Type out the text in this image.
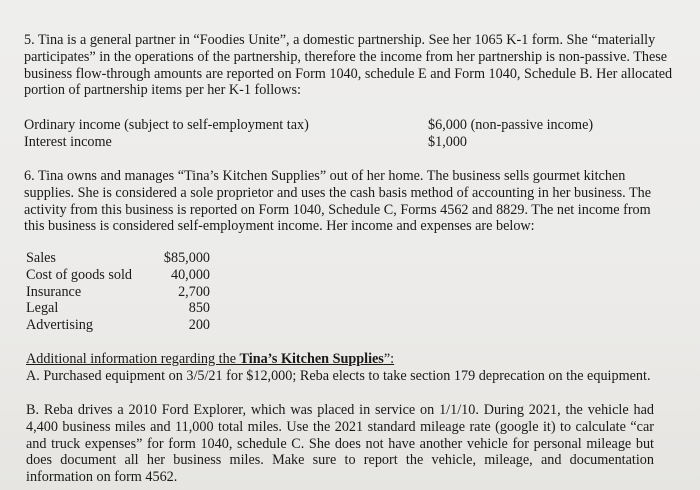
5. Tina is a general partner in “Foodies Unite”, a domestic partnership. See her 1065 K-1 form. She “materially participates” in the operations of the partnership, therefore the income from her partnership is non-passive. These business flow-through amounts are reported on Form 1040, schedule E and Form 1040, Schedule B. Her allocated portion of partnership items per her K-1 follows:

Ordinary income (subject to self-employment tax)	$6,000 (non-passive income)
Interest income	$1,000

6. Tina owns and manages “Tina’s Kitchen Supplies” out of her home. The business sells gourmet kitchen supplies. She is considered a sole proprietor and uses the cash basis method of accounting in her business. The activity from this business is reported on Form 1040, Schedule C, Forms 4562 and 8829. The net income from this business is considered self-employment income. Her income and expenses are below:

Sales	$85,000
Cost of goods sold	40,000
Insurance	2,700
Legal	850
Advertising	200
Additional information regarding the Tina’s Kitchen Supplies”:
A. Purchased equipment on 3/5/21 for $12,000; Reba elects to take section 179 deprecation on the equipment.
B. Reba drives a 2010 Ford Explorer, which was placed in service on 1/1/10. During 2021, the vehicle had 4,400 business miles and 11,000 total miles. Use the 2021 standard mileage rate (google it) to calculate “car and truck expenses” for form 1040, schedule C. She does not have another vehicle for personal mileage but does document all her business miles. Make sure to report the vehicle, mileage, and documentation information on form 4562.
